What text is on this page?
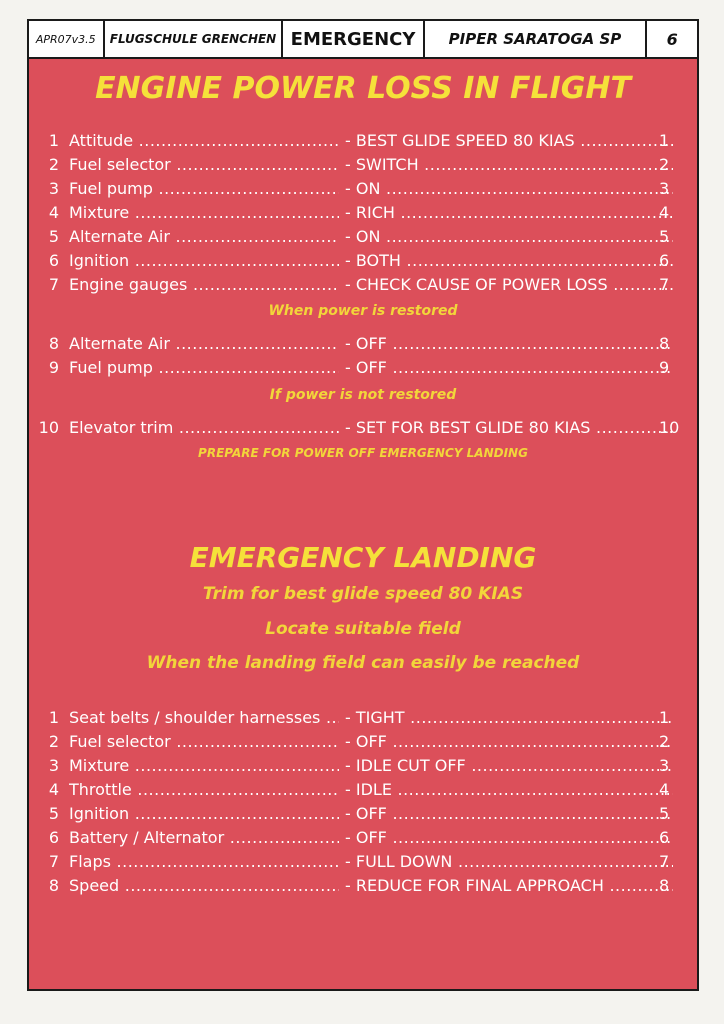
APR07v3.5	FLUGSCHULE GRENCHEN EMERGENCY	PIPER SARATOGA SP	6
ENGINE POWER LOSS IN FLIGHT
1 Attitude .....	- BEST GLIDE SPEED 80 KIAS .....	1
2 Fuel selector .....	- SWITCH .....	2
3 Fuel pump .....	- ON .....	3
4 Mixture .....	- RICH .....	4
5 Alternate Air .....	- ON .....	5
6 Ignition .....	- BOTH .....	6
7 Engine gauges .....	- CHECK CAUSE OF POWER LOSS .....	7
When power is restored
8 Alternate Air .....	- OFF .....	8
9 Fuel pump .....	- OFF .....	9
If power is not restored
10 Elevator trim .....	- SET FOR BEST GLIDE 80 KIAS .....	10
PREPARE FOR POWER OFF EMERGENCY LANDING
EMERGENCY LANDING
Trim for best glide speed 80 KIAS
Locate suitable field
When the landing field can easily be reached
1 Seat belts / shoulder harnesses .....	- TIGHT .....	1
2 Fuel selector .....	- OFF .....	2
3 Mixture .....	- IDLE CUT OFF .....	3
4 Throttle .....	- IDLE .....	4
5 Ignition .....	- OFF .....	5
6 Battery / Alternator .....	- OFF .....	6
7 Flaps .....	- FULL DOWN .....	7
8 Speed .....	- REDUCE FOR FINAL APPROACH .....	8
